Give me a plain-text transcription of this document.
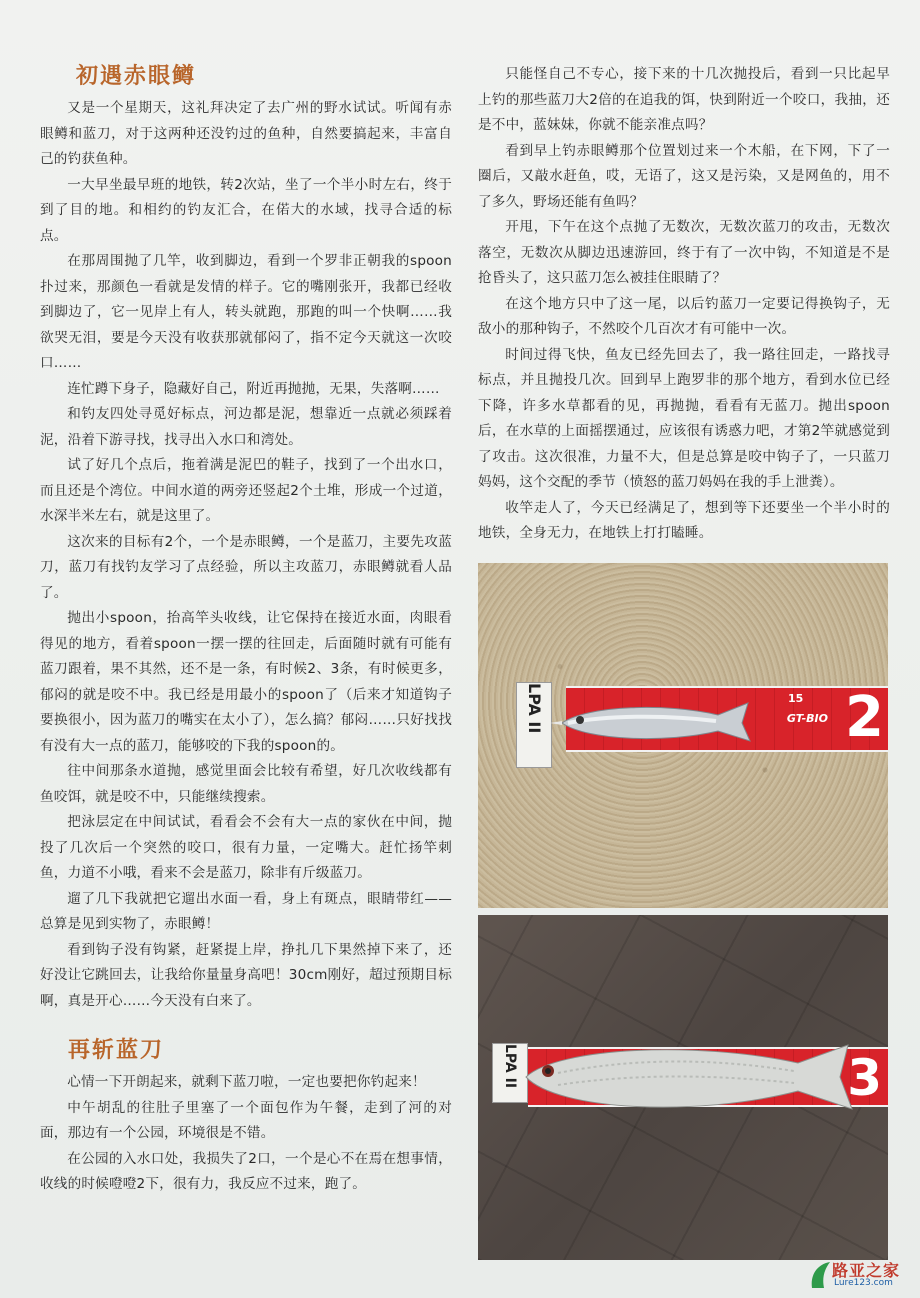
初遇赤眼鳟

又是一个星期天，这礼拜决定了去广州的野水试试。听闻有赤眼鳟和蓝刀，对于这两种还没钓过的鱼种，自然要搞起来，丰富自己的钓获鱼种。

一大早坐最早班的地铁，转2次站，坐了一个半小时左右，终于到了目的地。和相约的钓友汇合，在偌大的水域，找寻合适的标点。

在那周围抛了几竿，收到脚边，看到一个罗非正朝我的spoon扑过来，那颜色一看就是发情的样子。它的嘴刚张开，我都已经收到脚边了，它一见岸上有人，转头就跑，那跑的叫一个快啊……我欲哭无泪，要是今天没有收获那就郁闷了，指不定今天就这一次咬口……

连忙蹲下身子，隐藏好自己，附近再抛抛，无果，失落啊……

和钓友四处寻觅好标点，河边都是泥，想靠近一点就必须踩着泥，沿着下游寻找，找寻出入水口和湾处。

试了好几个点后，拖着满是泥巴的鞋子，找到了一个出水口，而且还是个湾位。中间水道的两旁还竖起2个土堆，形成一个过道，水深半米左右，就是这里了。

这次来的目标有2个，一个是赤眼鳟，一个是蓝刀，主要先攻蓝刀，蓝刀有找钓友学习了点经验，所以主攻蓝刀，赤眼鳟就看人品了。

抛出小spoon，抬高竿头收线，让它保持在接近水面，肉眼看得见的地方，看着spoon一摆一摆的往回走，后面随时就有可能有蓝刀跟着，果不其然，还不是一条，有时候2、3条，有时候更多，郁闷的就是咬不中。我已经是用最小的spoon了（后来才知道钩子要换很小，因为蓝刀的嘴实在太小了），怎么搞？郁闷……只好找找有没有大一点的蓝刀，能够咬的下我的spoon的。

往中间那条水道抛，感觉里面会比较有希望，好几次收线都有鱼咬饵，就是咬不中，只能继续搜索。

把泳层定在中间试试，看看会不会有大一点的家伙在中间，抛投了几次后一个突然的咬口，很有力量，一定嘴大。赶忙扬竿刺鱼，力道不小哦，看来不会是蓝刀，除非有斤级蓝刀。

遛了几下我就把它遛出水面一看，身上有斑点，眼睛带红——总算是见到实物了，赤眼鳟！

看到钩子没有钩紧，赶紧提上岸，挣扎几下果然掉下来了，还好没让它跳回去，让我给你量量身高吧！30cm刚好，超过预期目标啊，真是开心……今天没有白来了。

再斩蓝刀

心情一下开朗起来，就剩下蓝刀啦，一定也要把你钓起来！

中午胡乱的往肚子里塞了一个面包作为午餐，走到了河的对面，那边有一个公园，环境很是不错。

在公园的入水口处，我损失了2口，一个是心不在焉在想事情，收线的时候噔噔2下，很有力，我反应不过来，跑了。

只能怪自己不专心，接下来的十几次抛投后，看到一只比起早上钓的那些蓝刀大2倍的在追我的饵，快到附近一个咬口，我抽，还是不中，蓝妹妹，你就不能亲准点吗？

看到早上钓赤眼鳟那个位置划过来一个木船，在下网，下了一圈后，又敲水赶鱼，哎，无语了，这又是污染，又是网鱼的，用不了多久，野场还能有鱼吗？

开甩，下午在这个点抛了无数次，无数次蓝刀的攻击，无数次落空，无数次从脚边迅速游回，终于有了一次中钩，不知道是不是抢昏头了，这只蓝刀怎么被挂住眼睛了？

在这个地方只中了这一尾，以后钓蓝刀一定要记得换钩子，无敌小的那种钩子，不然咬个几百次才有可能中一次。

时间过得飞快，鱼友已经先回去了，我一路往回走，一路找寻标点，并且抛投几次。回到早上跑罗非的那个地方，看到水位已经下降，许多水草都看的见，再抛抛，看看有无蓝刀。抛出spoon后，在水草的上面摇摆通过，应该很有诱惑力吧，才第2竿就感觉到了攻击。这次很准，力量不大，但是总算是咬中钩子了，一只蓝刀妈妈，这个交配的季节（愤怒的蓝刀妈妈在我的手上泄粪）。

收竿走人了，今天已经满足了，想到等下还要坐一个半小时的地铁，全身无力，在地铁上打打瞌睡。

15
GT-BIO 2
LPA II
3
LPA II
路亚之家
Lure123.com
